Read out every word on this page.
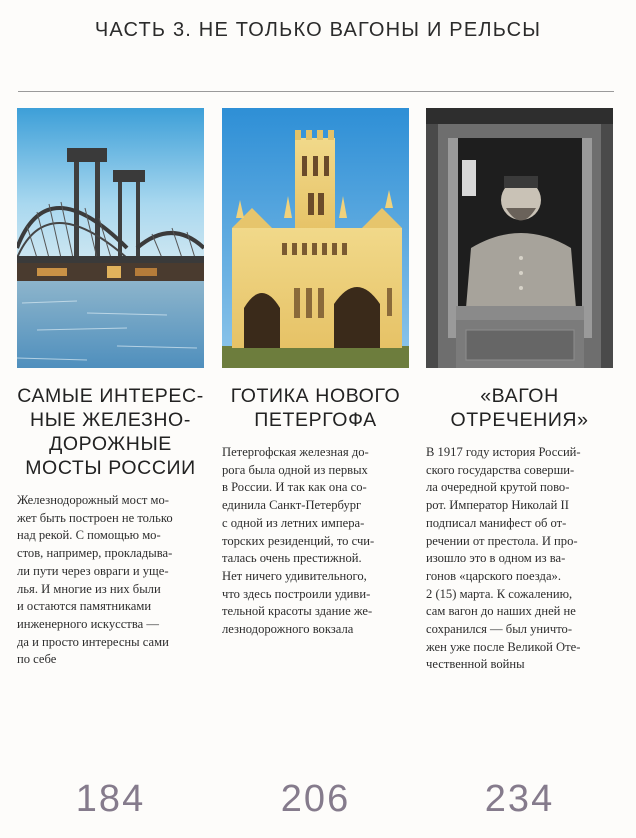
ЧАСТЬ 3. НЕ ТОЛЬКО ВАГОНЫ И РЕЛЬСЫ
САМЫЕ ИНТЕРЕС-
НЫЕ ЖЕЛЕЗНО-
ДОРОЖНЫЕ
МОСТЫ РОССИИ
Железнодорожный мост мо-
жет быть построен не только
над рекой. С помощью мо-
стов, например, прокладыва-
ли пути через овраги и уще-
лья. И многие из них были
и остаются памятниками
инженерного искусства —
да и просто интересны сами
по себе
ГОТИКА НОВОГО
ПЕТЕРГОФА
Петергофская железная до-
рога была одной из первых
в России. И так как она со-
единила Санкт-Петербург
с одной из летних импера-
торских резиденций, то счи-
талась очень престижной.
Нет ничего удивительного,
что здесь построили удиви-
тельной красоты здание же-
лезнодорожного вокзала
«ВАГОН
ОТРЕЧЕНИЯ»
В 1917 году история Россий-
ского государства соверши-
ла очередной крутой пово-
рот. Император Николай II
подписал манифест об от-
речении от престола. И про-
изошло это в одном из ва-
гонов «царского поезда».
2 (15) марта. К сожалению,
сам вагон до наших дней не
сохранился — был уничто-
жен уже после Великой Оте-
чественной войны
184	206	234
